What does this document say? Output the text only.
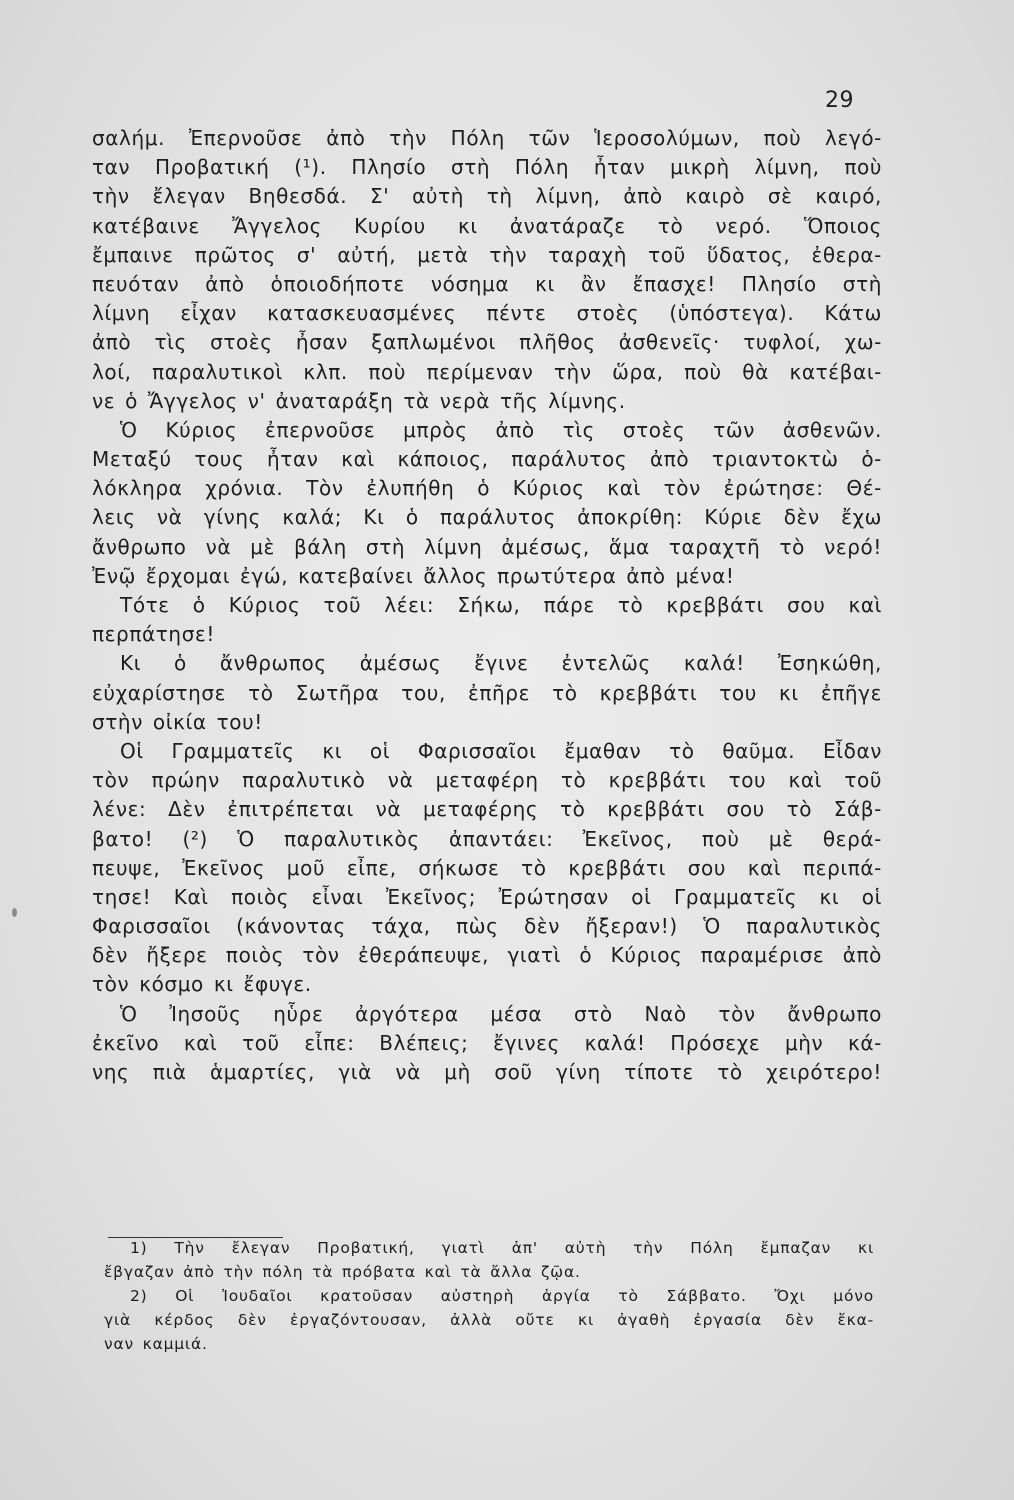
29
σαλήμ. Ἐπερνοῦσε ἀπὸ τὴν Πόλη τῶν Ἱεροσολύμων, ποὺ λεγό-
ταν Προβατική (¹). Πλησίο στὴ Πόλη ἦταν μικρὴ λίμνη, ποὺ
τὴν ἔλεγαν Βηθεσδά. Σ' αὐτὴ τὴ λίμνη, ἀπὸ καιρὸ σὲ καιρό,
κατέβαινε Ἄγγελος Κυρίου κι ἀνατάραζε τὸ νερό. Ὅποιος
ἔμπαινε πρῶτος σ' αὐτή, μετὰ τὴν ταραχὴ τοῦ ὕδατος, ἐθερα-
πευόταν ἀπὸ ὁποιοδήποτε νόσημα κι ἂν ἔπασχε! Πλησίο στὴ
λίμνη εἶχαν κατασκευασμένες πέντε στοὲς (ὑπόστεγα). Κάτω
ἀπὸ τὶς στοὲς ἦσαν ξαπλωμένοι πλῆθος ἀσθενεῖς· τυφλοί, χω-
λοί, παραλυτικοὶ κλπ. ποὺ περίμεναν τὴν ὥρα, ποὺ θὰ κατέβαι-
νε ὁ Ἄγγελος ν' ἀναταράξη τὰ νερὰ τῆς λίμνης.
Ὁ Κύριος ἐπερνοῦσε μπρὸς ἀπὸ τὶς στοὲς τῶν ἀσθενῶν.
Μεταξύ τους ἦταν καὶ κάποιος, παράλυτος ἀπὸ τριαντοκτὼ ὁ-
λόκληρα χρόνια. Τὸν ἐλυπήθη ὁ Κύριος καὶ τὸν ἐρώτησε: Θέ-
λεις νὰ γίνης καλά; Κι ὁ παράλυτος ἀποκρίθη: Κύριε δὲν ἔχω
ἄνθρωπο νὰ μὲ βάλη στὴ λίμνη ἀμέσως, ἅμα ταραχτῆ τὸ νερό!
Ἐνῷ ἔρχομαι ἐγώ, κατεβαίνει ἄλλος πρωτύτερα ἀπὸ μένα!
Τότε ὁ Κύριος τοῦ λέει: Σήκω, πάρε τὸ κρεββάτι σου καὶ
περπάτησε!
Κι ὁ ἄνθρωπος ἀμέσως ἔγινε ἐντελῶς καλά! Ἐσηκώθη,
εὐχαρίστησε τὸ Σωτῆρα του, ἐπῆρε τὸ κρεββάτι του κι ἐπῆγε
στὴν οἰκία του!
Οἱ Γραμματεῖς κι οἱ Φαρισσαῖοι ἔμαθαν τὸ θαῦμα. Εἶδαν
τὸν πρώην παραλυτικὸ νὰ μεταφέρη τὸ κρεββάτι του καὶ τοῦ
λένε: Δὲν ἐπιτρέπεται νὰ μεταφέρης τὸ κρεββάτι σου τὸ Σάβ-
βατο! (²) Ὁ παραλυτικὸς ἀπαντάει: Ἐκεῖνος, ποὺ μὲ θερά-
πευψε, Ἐκεῖνος μοῦ εἶπε, σήκωσε τὸ κρεββάτι σου καὶ περιπά-
τησε! Καὶ ποιὸς εἶναι Ἐκεῖνος; Ἐρώτησαν οἱ Γραμματεῖς κι οἱ
Φαρισσαῖοι (κάνοντας τάχα, πὼς δὲν ἤξεραν!) Ὁ παραλυτικὸς
δὲν ἤξερε ποιὸς τὸν ἐθεράπευψε, γιατὶ ὁ Κύριος παραμέρισε ἀπὸ
τὸν κόσμο κι ἔφυγε.
Ὁ Ἰησοῦς ηὗρε ἀργότερα μέσα στὸ Ναὸ τὸν ἄνθρωπο
ἐκεῖνο καὶ τοῦ εἶπε: Βλέπεις; ἔγινες καλά! Πρόσεχε μὴν κά-
νης πιὰ ἁμαρτίες, γιὰ νὰ μὴ σοῦ γίνη τίποτε τὸ χειρότερο!
1) Τὴν ἔλεγαν Προβατική, γιατὶ ἀπ' αὐτὴ τὴν Πόλη ἔμπαζαν κι
ἔβγαζαν ἀπὸ τὴν πόλη τὰ πρόβατα καὶ τὰ ἄλλα ζῷα.
2) Οἱ Ἰουδαῖοι κρατοῦσαν αὐστηρὴ ἀργία τὸ Σάββατο. Ὄχι μόνο
γιὰ κέρδος δὲν ἐργαζόντουσαν, ἀλλὰ οὔτε κι ἀγαθὴ ἐργασία δὲν ἔκα-
ναν καμμιά.
